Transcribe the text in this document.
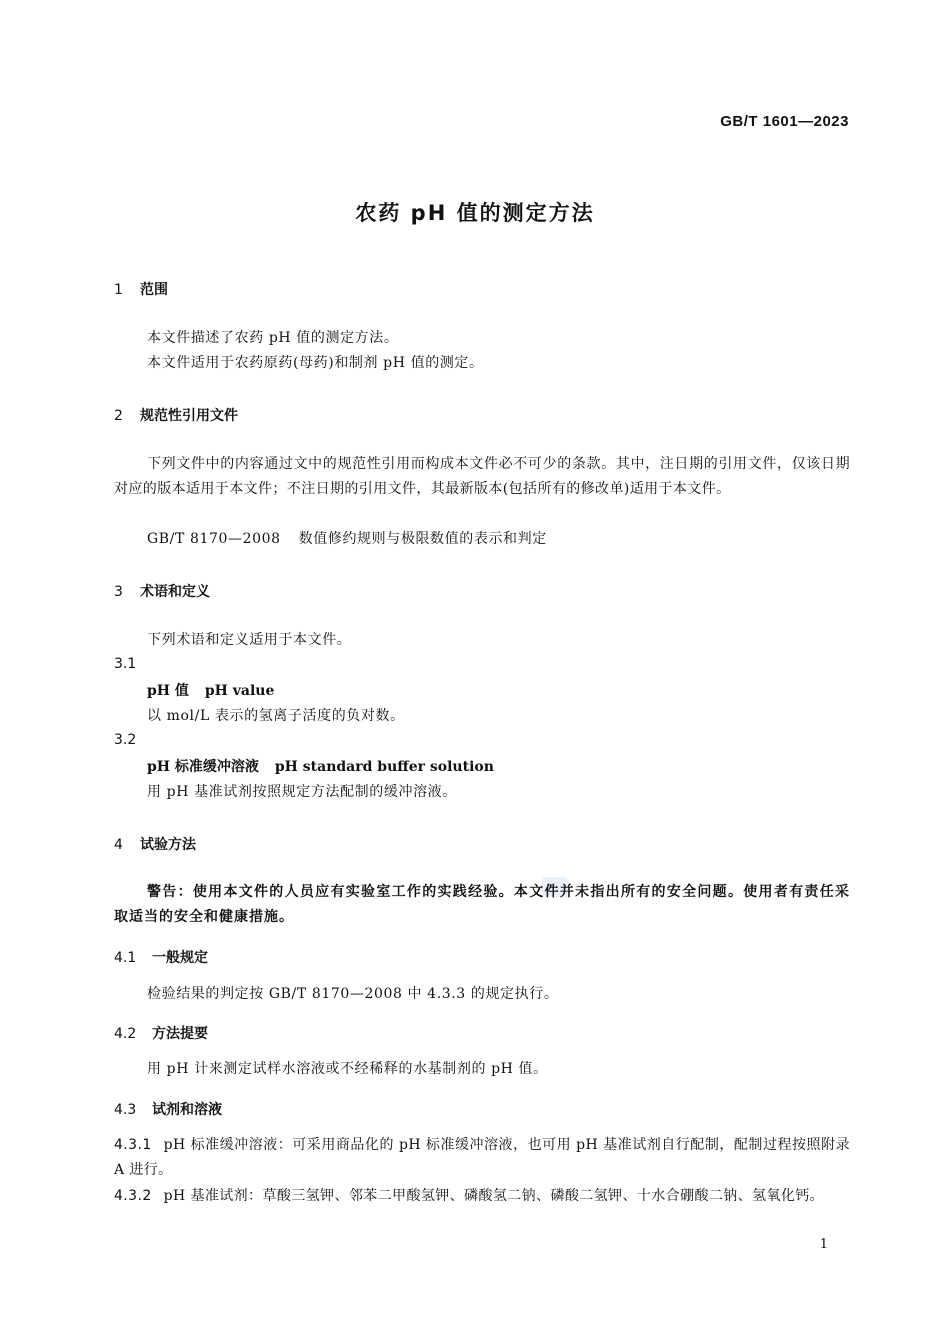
GB/T 1601—2023
农药 pH 值的测定方法
1 范围
本文件描述了农药 pH 值的测定方法。
本文件适用于农药原药(母药)和制剂 pH 值的测定。
2 规范性引用文件
下列文件中的内容通过文中的规范性引用而构成本文件必不可少的条款。其中，注日期的引用文件，仅该日期对应的版本适用于本文件；不注日期的引用文件，其最新版本(包括所有的修改单)适用于本文件。
GB/T 8170—2008 数值修约规则与极限数值的表示和判定
3 术语和定义
下列术语和定义适用于本文件。
3.1
pH 值 pH value
以 mol/L 表示的氢离子活度的负对数。
3.2
pH 标准缓冲溶液 pH standard buffer solution
用 pH 基准试剂按照规定方法配制的缓冲溶液。
4 试验方法
警告：使用本文件的人员应有实验室工作的实践经验。本文件并未指出所有的安全问题。使用者有责任采取适当的安全和健康措施。
4.1 一般规定
检验结果的判定按 GB/T 8170—2008 中 4.3.3 的规定执行。
4.2 方法提要
用 pH 计来测定试样水溶液或不经稀释的水基制剂的 pH 值。
4.3 试剂和溶液
4.3.1 pH 标准缓冲溶液：可采用商品化的 pH 标准缓冲溶液，也可用 pH 基准试剂自行配制，配制过程按照附录 A 进行。
4.3.2 pH 基准试剂：草酸三氢钾、邻苯二甲酸氢钾、磷酸氢二钠、磷酸二氢钾、十水合硼酸二钠、氢氧化钙。
1
